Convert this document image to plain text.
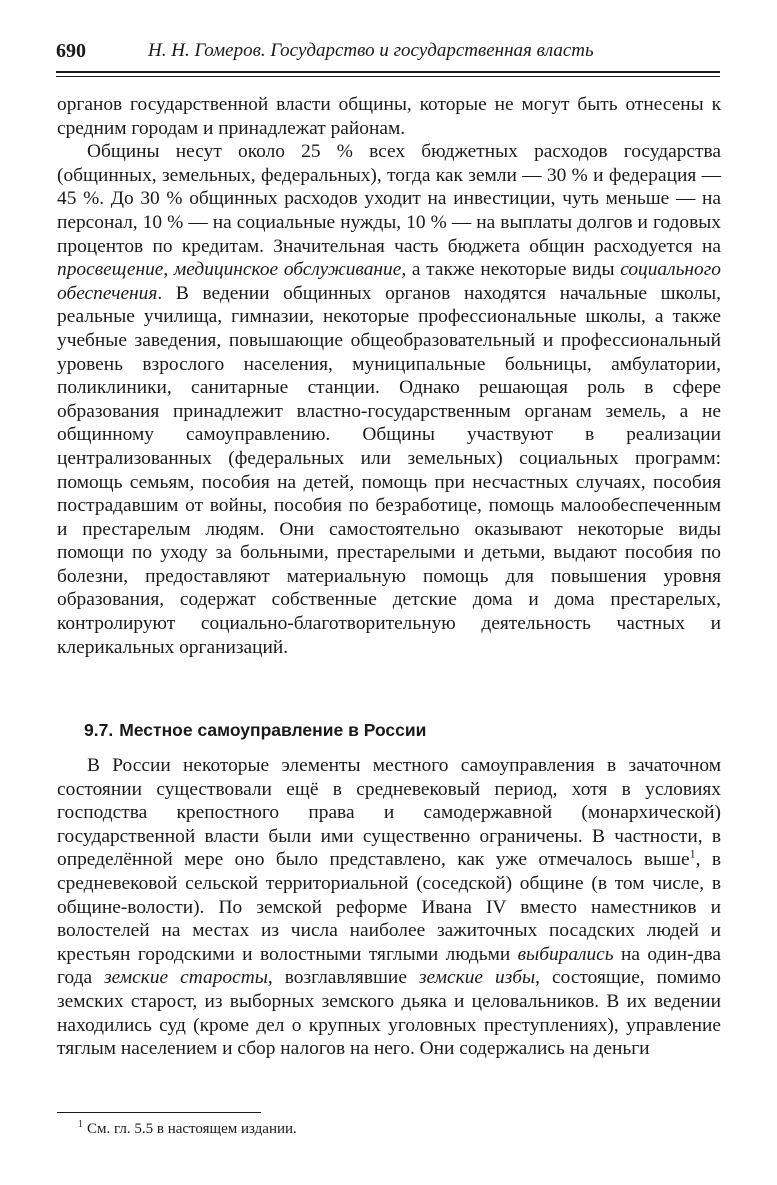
690	Н. Н. Гомеров. Государство и государственная власть

органов государственной власти общины, которые не могут быть отнесены к средним городам и принадлежат районам.

Общины несут около 25 % всех бюджетных расходов государства (общинных, земельных, федеральных), тогда как земли — 30 % и федерация — 45 %. До 30 % общинных расходов уходит на инвестиции, чуть меньше — на персонал, 10 % — на социальные нужды, 10 % — на выплаты долгов и годовых процентов по кредитам. Значительная часть бюджета общин расходуется на просвещение, медицинское обслуживание, а также некоторые виды социального обеспечения. В ведении общинных органов находятся начальные школы, реальные училища, гимназии, некоторые профессиональные школы, а также учебные заведения, повышающие общеобразовательный и профессиональный уровень взрослого населения, муниципальные больницы, амбулатории, поликлиники, санитарные станции. Однако решающая роль в сфере образования принадлежит властно-государственным органам земель, а не общинному самоуправлению. Общины участвуют в реализации централизованных (федеральных или земельных) социальных программ: помощь семьям, пособия на детей, помощь при несчастных случаях, пособия пострадавшим от войны, пособия по безработице, помощь малообеспеченным и престарелым людям. Они самостоятельно оказывают некоторые виды помощи по уходу за больными, престарелыми и детьми, выдают пособия по болезни, предоставляют материальную помощь для повышения уровня образования, содержат собственные детские дома и дома престарелых, контролируют социально-благотворительную деятельность частных и клерикальных организаций.

9.7. Местное самоуправление в России

В России некоторые элементы местного самоуправления в зачаточном состоянии существовали ещё в средневековый период, хотя в условиях господства крепостного права и самодержавной (монархической) государственной власти были ими существенно ограничены. В частности, в определённой мере оно было представлено, как уже отмечалось выше$^1$, в средневековой сельской территориальной (соседской) общине (в том числе, в общине-волости). По земской реформе Ивана IV вместо наместников и волостелей на местах из числа наиболее зажиточных посадских людей и крестьян городскими и волостными тяглыми людьми выбирались на один-два года земские старосты, возглавлявшие земские избы, состоящие, помимо земских старост, из выборных земского дьяка и целовальников. В их ведении находились суд (кроме дел о крупных уголовных преступлениях), управление тяглым населением и сбор налогов на него. Они содержались на деньги

$^1$ См. гл. 5.5 в настоящем издании.
